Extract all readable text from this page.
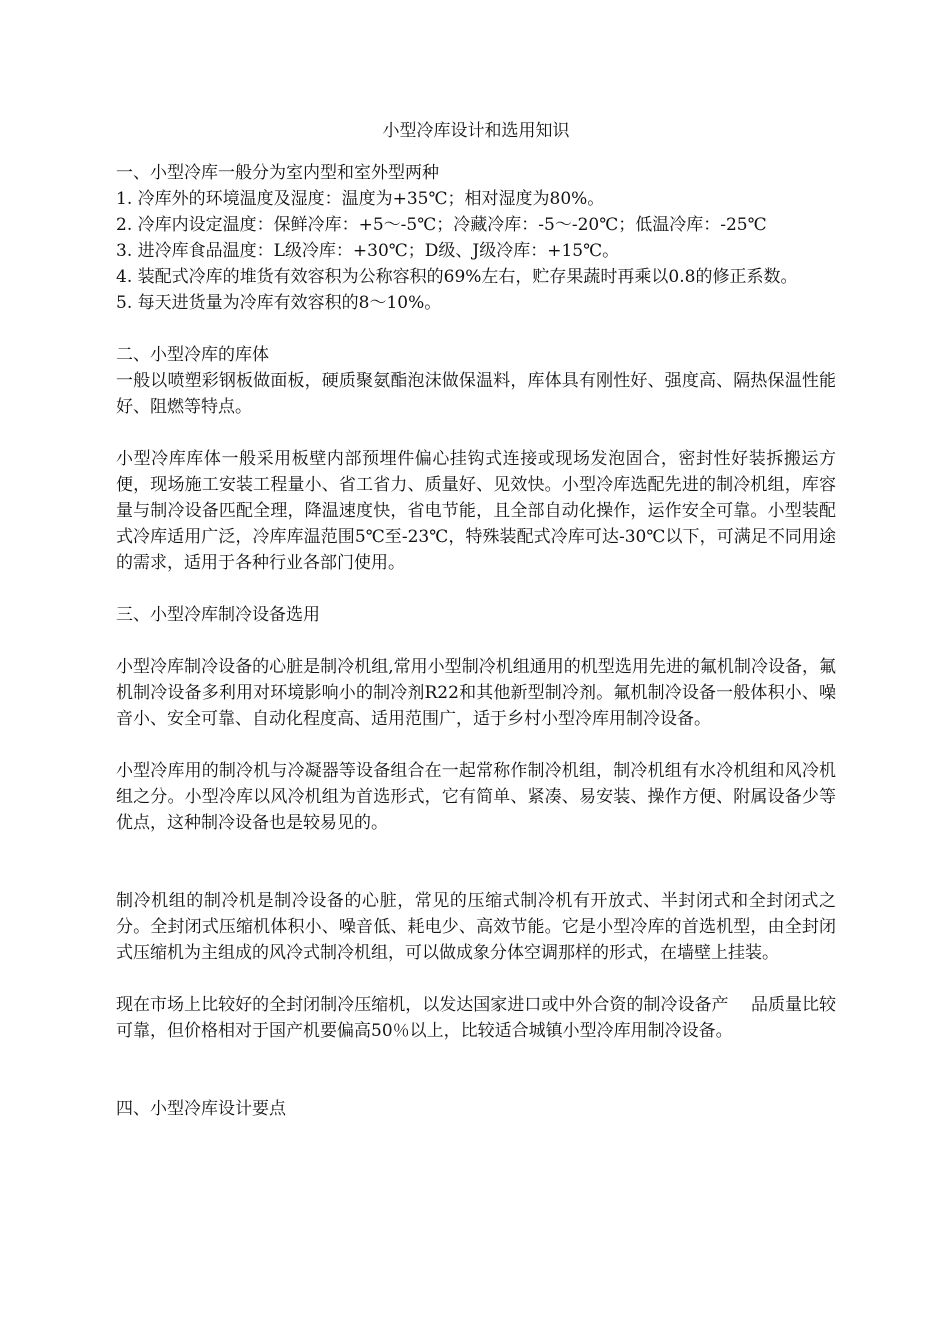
小型冷库设计和选用知识
一、小型冷库一般分为室内型和室外型两种
1. 冷库外的环境温度及湿度：温度为+35℃；相对湿度为80%。
2. 冷库内设定温度：保鲜冷库：+5～-5℃；冷藏冷库：-5～-20℃；低温冷库：-25℃
3. 进冷库食品温度：L级冷库：+30℃；D级、J级冷库：+15℃。
4. 装配式冷库的堆货有效容积为公称容积的69%左右，贮存果蔬时再乘以0.8的修正系数。
5. 每天进货量为冷库有效容积的8～10%。
二、小型冷库的库体
一般以喷塑彩钢板做面板，硬质聚氨酯泡沫做保温料，库体具有刚性好、强度高、隔热保温性能好、阻燃等特点。
小型冷库库体一般采用板壁内部预埋件偏心挂钩式连接或现场发泡固合，密封性好装拆搬运方便，现场施工安装工程量小、省工省力、质量好、见效快。小型冷库选配先进的制冷机组，库容量与制冷设备匹配全理，降温速度快，省电节能，且全部自动化操作，运作安全可靠。小型装配式冷库适用广泛，冷库库温范围5℃至-23℃，特殊装配式冷库可达-30℃以下，可满足不同用途的需求，适用于各种行业各部门使用。
三、小型冷库制冷设备选用
小型冷库制冷设备的心脏是制冷机组,常用小型制冷机组通用的机型选用先进的氟机制冷设备，氟机制冷设备多利用对环境影响小的制冷剂R22和其他新型制冷剂。氟机制冷设备一般体积小、噪音小、安全可靠、自动化程度高、适用范围广，适于乡村小型冷库用制冷设备。
小型冷库用的制冷机与冷凝器等设备组合在一起常称作制冷机组，制冷机组有水冷机组和风冷机组之分。小型冷库以风冷机组为首选形式，它有简单、紧凑、易安装、操作方便、附属设备少等优点，这种制冷设备也是较易见的。
制冷机组的制冷机是制冷设备的心脏，常见的压缩式制冷机有开放式、半封闭式和全封闭式之分。全封闭式压缩机体积小、噪音低、耗电少、高效节能。它是小型冷库的首选机型，由全封闭式压缩机为主组成的风冷式制冷机组，可以做成象分体空调那样的形式，在墙壁上挂装。
现在市场上比较好的全封闭制冷压缩机，以发达国家进口或中外合资的制冷设备产　 品质量比较可靠，但价格相对于国产机要偏高50％以上，比较适合城镇小型冷库用制冷设备。
四、小型冷库设计要点
